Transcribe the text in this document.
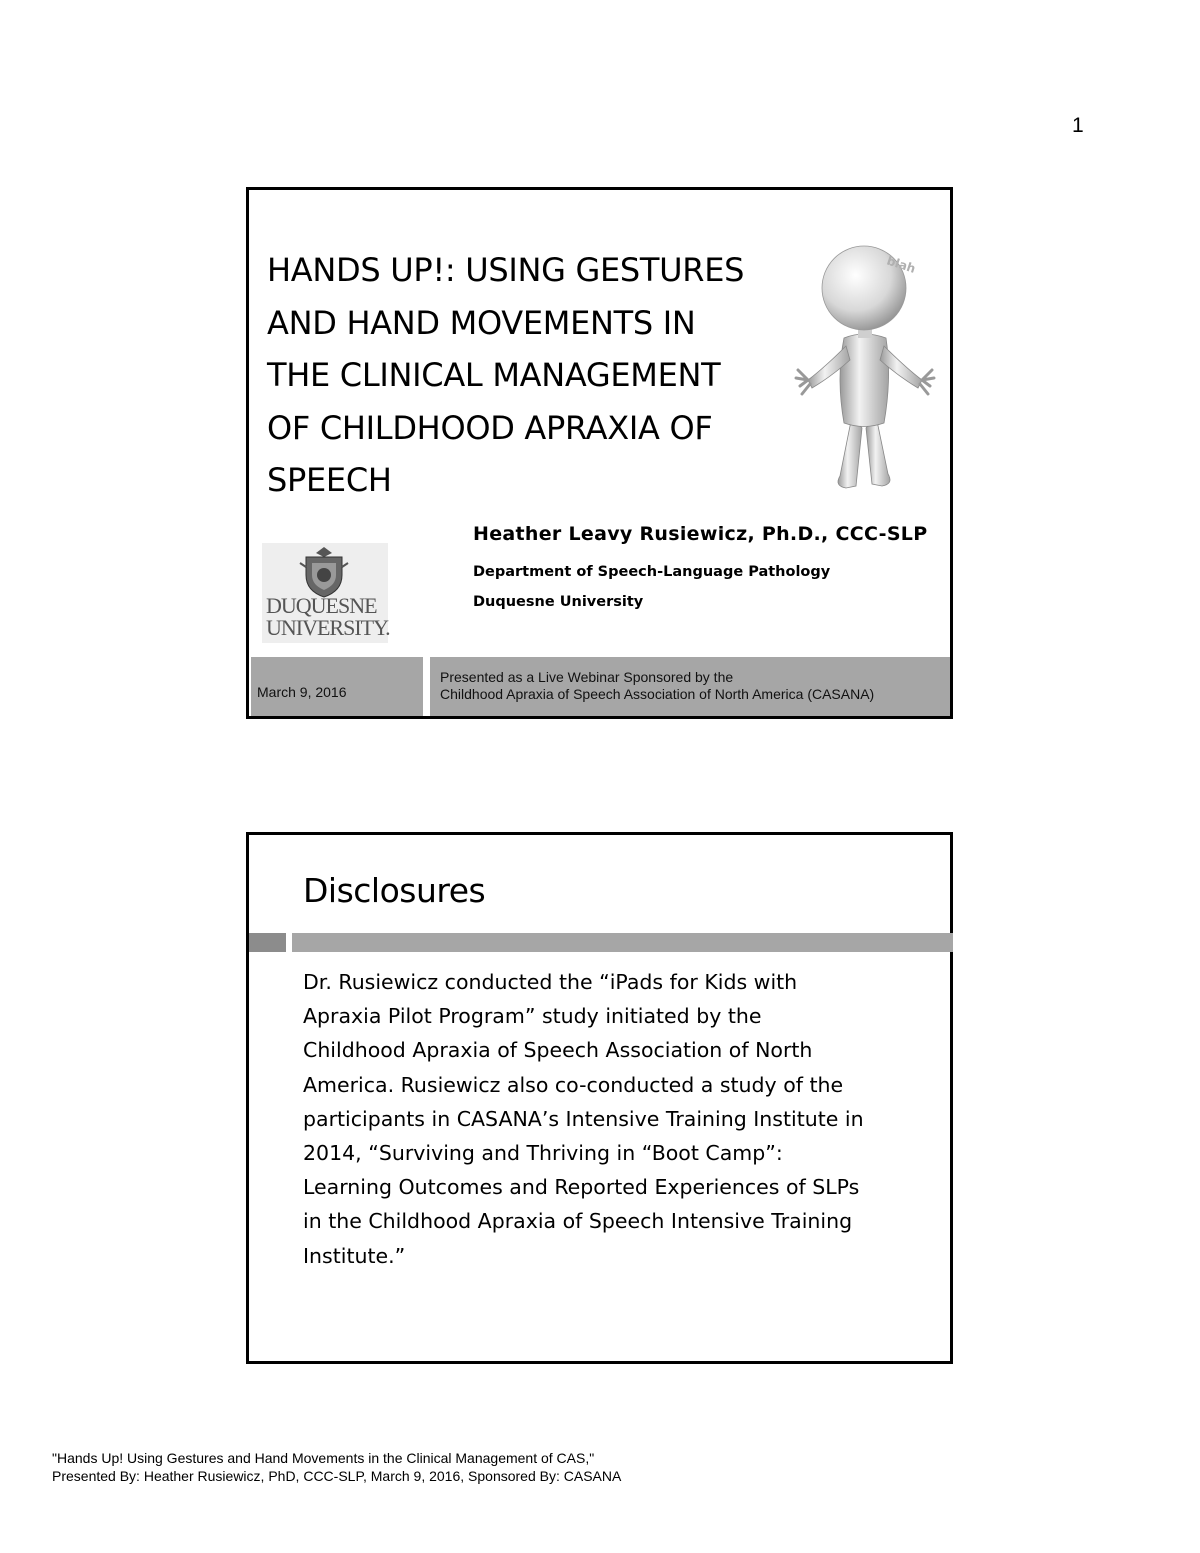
1
HANDS UP!: USING GESTURES
AND HAND MOVEMENTS IN
THE CLINICAL MANAGEMENT
OF CHILDHOOD APRAXIA OF
SPEECH
blah
DUQUESNE
UNIVERSITY.
Heather Leavy Rusiewicz, Ph.D., CCC-SLP
Department of Speech-Language Pathology
Duquesne University
March 9, 2016
Presented as a Live Webinar Sponsored by the
Childhood Apraxia of Speech Association of North America (CASANA)
Disclosures

Dr. Rusiewicz conducted the “iPads for Kids with
Apraxia Pilot Program” study initiated by the
Childhood Apraxia of Speech Association of North
America. Rusiewicz also co-conducted a study of the
participants in CASANA’s Intensive Training Institute in
2014, “Surviving and Thriving in “Boot Camp”:
Learning Outcomes and Reported Experiences of SLPs
in the Childhood Apraxia of Speech Intensive Training
Institute.”

"Hands Up! Using Gestures and Hand Movements in the Clinical Management of CAS,"
Presented By: Heather Rusiewicz, PhD, CCC-SLP, March 9, 2016, Sponsored By: CASANA
